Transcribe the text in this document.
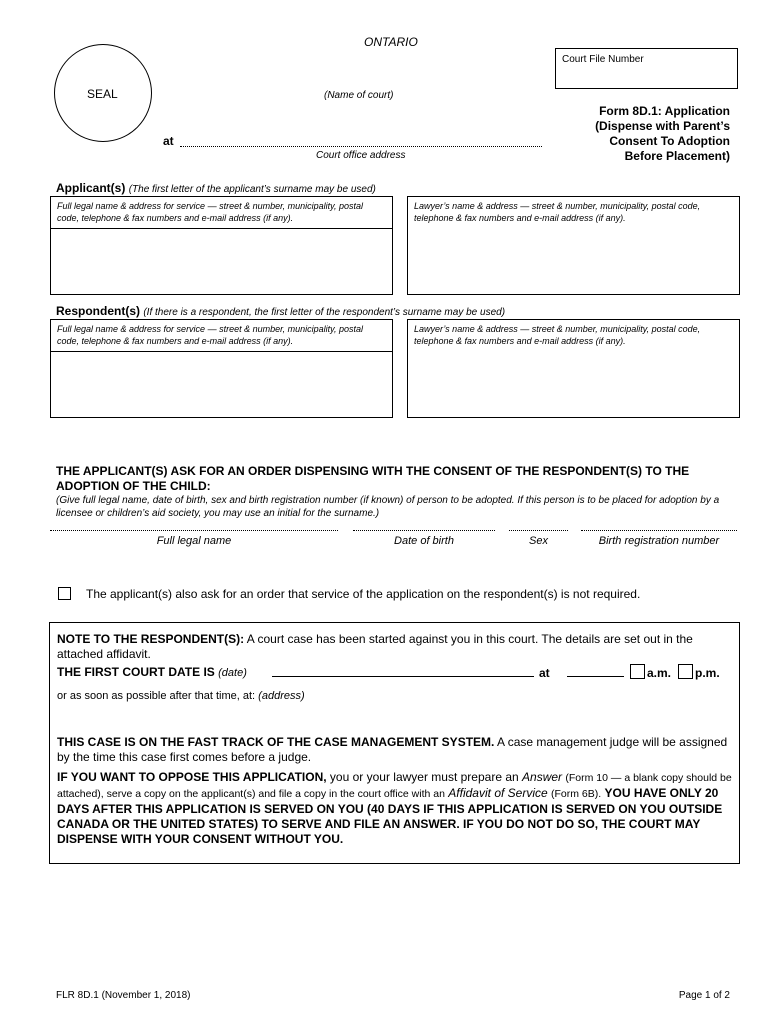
ONTARIO
SEAL	(Name of court)
at
Court office address
Court File Number
Form 8D.1: Application
(Dispense with Parent’s
Consent To Adoption
Before Placement)
Applicant(s) (The first letter of the applicant’s surname may be used)
Full legal name & address for service — street & number, municipality, postal code, telephone & fax numbers and e-mail address (if any).
Lawyer’s name & address — street & number, municipality, postal code, telephone & fax numbers and e-mail address (if any).
Respondent(s) (If there is a respondent, the first letter of the respondent’s surname may be used)
Full legal name & address for service — street & number, municipality, postal code, telephone & fax numbers and e-mail address (if any).
Lawyer’s name & address — street & number, municipality, postal code, telephone & fax numbers and e-mail address (if any).
THE APPLICANT(S) ASK FOR AN ORDER DISPENSING WITH THE CONSENT OF THE RESPONDENT(S) TO THE ADOPTION OF THE CHILD:
(Give full legal name, date of birth, sex and birth registration number (if known) of person to be adopted. If this person is to be placed for adoption by a licensee or children’s aid society, you may use an initial for the surname.)
Full legal name	Date of birth	Sex	Birth registration number
The applicant(s) also ask for an order that service of the application on the respondent(s) is not required.
NOTE TO THE RESPONDENT(S): A court case has been started against you in this court. The details are set out in the attached affidavit.
THE FIRST COURT DATE IS (date)	at	a.m. p.m.
or as soon as possible after that time, at: (address)
THIS CASE IS ON THE FAST TRACK OF THE CASE MANAGEMENT SYSTEM. A case management judge will be assigned by the time this case first comes before a judge.
IF YOU WANT TO OPPOSE THIS APPLICATION, you or your lawyer must prepare an Answer (Form 10 — a blank copy should be attached), serve a copy on the applicant(s) and file a copy in the court office with an Affidavit of Service (Form 6B). YOU HAVE ONLY 20 DAYS AFTER THIS APPLICATION IS SERVED ON YOU (40 DAYS IF THIS APPLICATION IS SERVED ON YOU OUTSIDE CANADA OR THE UNITED STATES) TO SERVE AND FILE AN ANSWER. IF YOU DO NOT DO SO, THE COURT MAY DISPENSE WITH YOUR CONSENT WITHOUT YOU.
FLR 8D.1 (November 1, 2018)	Page 1 of 2
